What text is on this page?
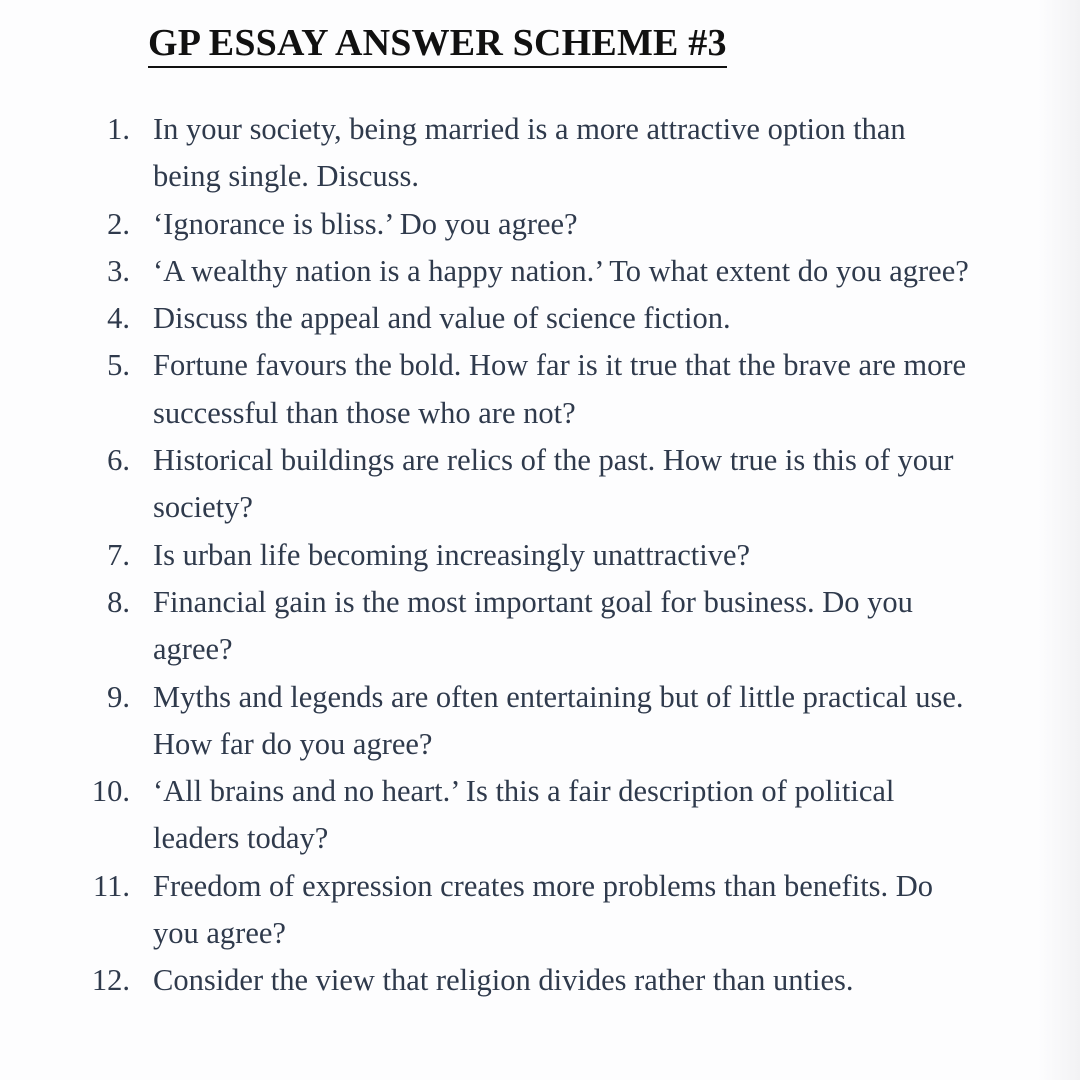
GP ESSAY ANSWER SCHEME #3
1. In your society, being married is a more attractive option than being single. Discuss.
2. ‘Ignorance is bliss.’ Do you agree?
3. ‘A wealthy nation is a happy nation.’ To what extent do you agree?
4. Discuss the appeal and value of science fiction.
5. Fortune favours the bold. How far is it true that the brave are more successful than those who are not?
6. Historical buildings are relics of the past. How true is this of your society?
7. Is urban life becoming increasingly unattractive?
8. Financial gain is the most important goal for business. Do you agree?
9. Myths and legends are often entertaining but of little practical use. How far do you agree?
10. ‘All brains and no heart.’ Is this a fair description of political leaders today?
11. Freedom of expression creates more problems than benefits. Do you agree?
12. Consider the view that religion divides rather than unties.
